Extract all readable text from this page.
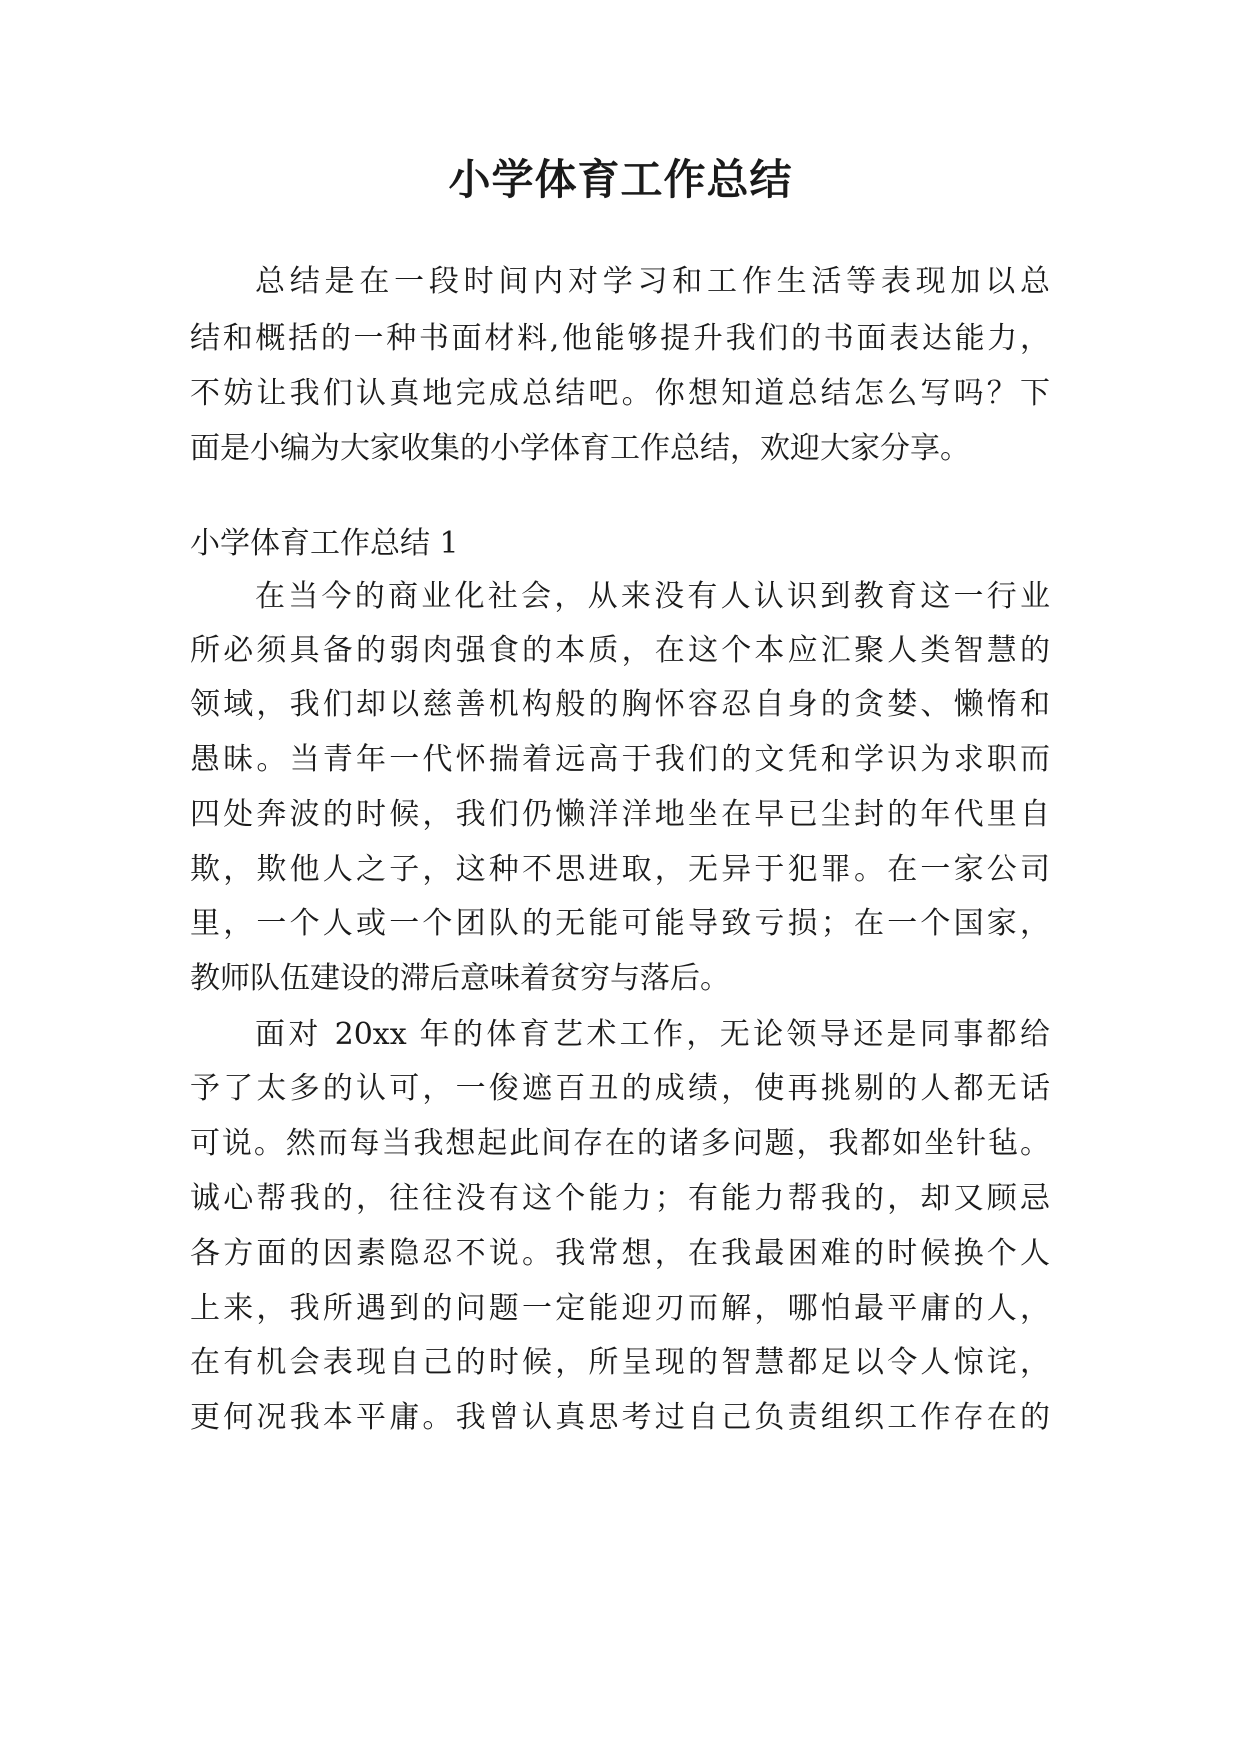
小学体育工作总结
总结是在一段时间内对学习和工作生活等表现加以总
结和概括的一种书面材料,他能够提升我们的书面表达能力，
不妨让我们认真地完成总结吧。你想知道总结怎么写吗？下
面是小编为大家收集的小学体育工作总结，欢迎大家分享。
小学体育工作总结 1
在当今的商业化社会，从来没有人认识到教育这一行业
所必须具备的弱肉强食的本质，在这个本应汇聚人类智慧的
领域，我们却以慈善机构般的胸怀容忍自身的贪婪、懒惰和
愚昧。当青年一代怀揣着远高于我们的文凭和学识为求职而
四处奔波的时候，我们仍懒洋洋地坐在早已尘封的年代里自
欺，欺他人之子，这种不思进取，无异于犯罪。在一家公司
里，一个人或一个团队的无能可能导致亏损；在一个国家，
教师队伍建设的滞后意味着贫穷与落后。
面对 20xx 年的体育艺术工作，无论领导还是同事都给
予了太多的认可，一俊遮百丑的成绩，使再挑剔的人都无话
可说。然而每当我想起此间存在的诸多问题，我都如坐针毡。
诚心帮我的，往往没有这个能力；有能力帮我的，却又顾忌
各方面的因素隐忍不说。我常想，在我最困难的时候换个人
上来，我所遇到的问题一定能迎刃而解，哪怕最平庸的人，
在有机会表现自己的时候，所呈现的智慧都足以令人惊诧，
更何况我本平庸。我曾认真思考过自己负责组织工作存在的
